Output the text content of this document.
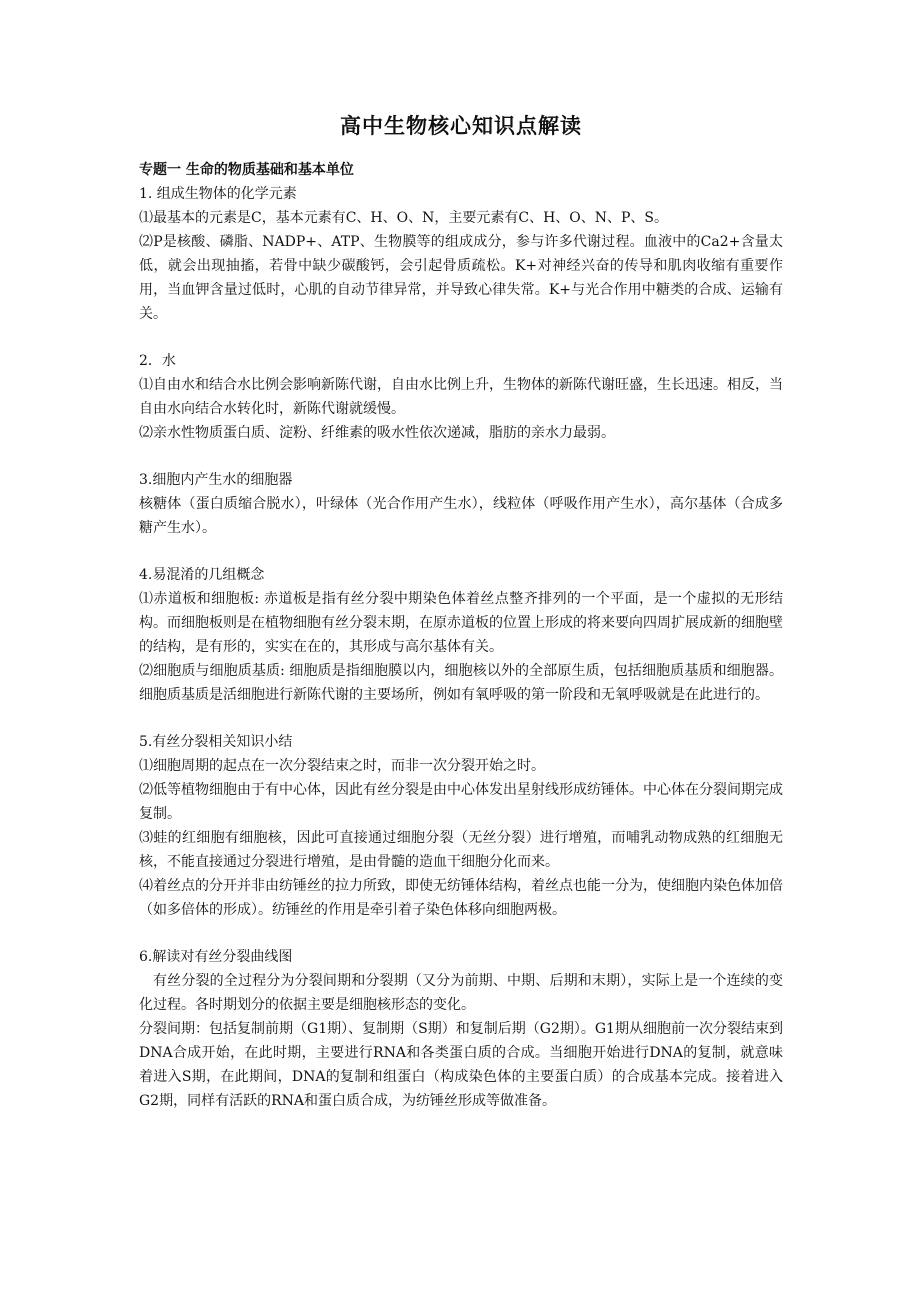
高中生物核心知识点解读

专题一 生命的物质基础和基本单位

1. 组成生物体的化学元素

⑴最基本的元素是C，基本元素有C、H、O、N，主要元素有C、H、O、N、P、S。

⑵P是核酸、磷脂、NADP+、ATP、生物膜等的组成成分，参与许多代谢过程。血液中的Ca2+含量太低，就会出现抽搐，若骨中缺少碳酸钙，会引起骨质疏松。K+对神经兴奋的传导和肌肉收缩有重要作用，当血钾含量过低时，心肌的自动节律异常，并导致心律失常。K+与光合作用中糖类的合成、运输有关。

2．水

⑴自由水和结合水比例会影响新陈代谢，自由水比例上升，生物体的新陈代谢旺盛，生长迅速。相反，当自由水向结合水转化时，新陈代谢就缓慢。

⑵亲水性物质蛋白质、淀粉、纤维素的吸水性依次递减，脂肪的亲水力最弱。

3.细胞内产生水的细胞器

核糖体（蛋白质缩合脱水），叶绿体（光合作用产生水），线粒体（呼吸作用产生水），高尔基体（合成多糖产生水）。

4.易混淆的几组概念

⑴赤道板和细胞板: 赤道板是指有丝分裂中期染色体着丝点整齐排列的一个平面，是一个虚拟的无形结构。而细胞板则是在植物细胞有丝分裂末期，在原赤道板的位置上形成的将来要向四周扩展成新的细胞壁的结构，是有形的，实实在在的，其形成与高尔基体有关。

⑵细胞质与细胞质基质: 细胞质是指细胞膜以内，细胞核以外的全部原生质，包括细胞质基质和细胞器。细胞质基质是活细胞进行新陈代谢的主要场所，例如有氧呼吸的第一阶段和无氧呼吸就是在此进行的。

5.有丝分裂相关知识小结

⑴细胞周期的起点在一次分裂结束之时，而非一次分裂开始之时。

⑵低等植物细胞由于有中心体，因此有丝分裂是由中心体发出星射线形成纺锤体。中心体在分裂间期完成复制。

⑶蛙的红细胞有细胞核，因此可直接通过细胞分裂（无丝分裂）进行增殖，而哺乳动物成熟的红细胞无核，不能直接通过分裂进行增殖，是由骨髓的造血干细胞分化而来。

⑷着丝点的分开并非由纺锤丝的拉力所致，即使无纺锤体结构，着丝点也能一分为，使细胞内染色体加倍（如多倍体的形成）。纺锤丝的作用是牵引着子染色体移向细胞两极。

6.解读对有丝分裂曲线图

有丝分裂的全过程分为分裂间期和分裂期（又分为前期、中期、后期和末期），实际上是一个连续的变化过程。各时期划分的依据主要是细胞核形态的变化。

分裂间期：包括复制前期（G1期）、复制期（S期）和复制后期（G2期）。G1期从细胞前一次分裂结束到DNA合成开始，在此时期，主要进行RNA和各类蛋白质的合成。当细胞开始进行DNA的复制，就意味着进入S期，在此期间，DNA的复制和组蛋白（构成染色体的主要蛋白质）的合成基本完成。接着进入G2期，同样有活跃的RNA和蛋白质合成，为纺锤丝形成等做准备。
